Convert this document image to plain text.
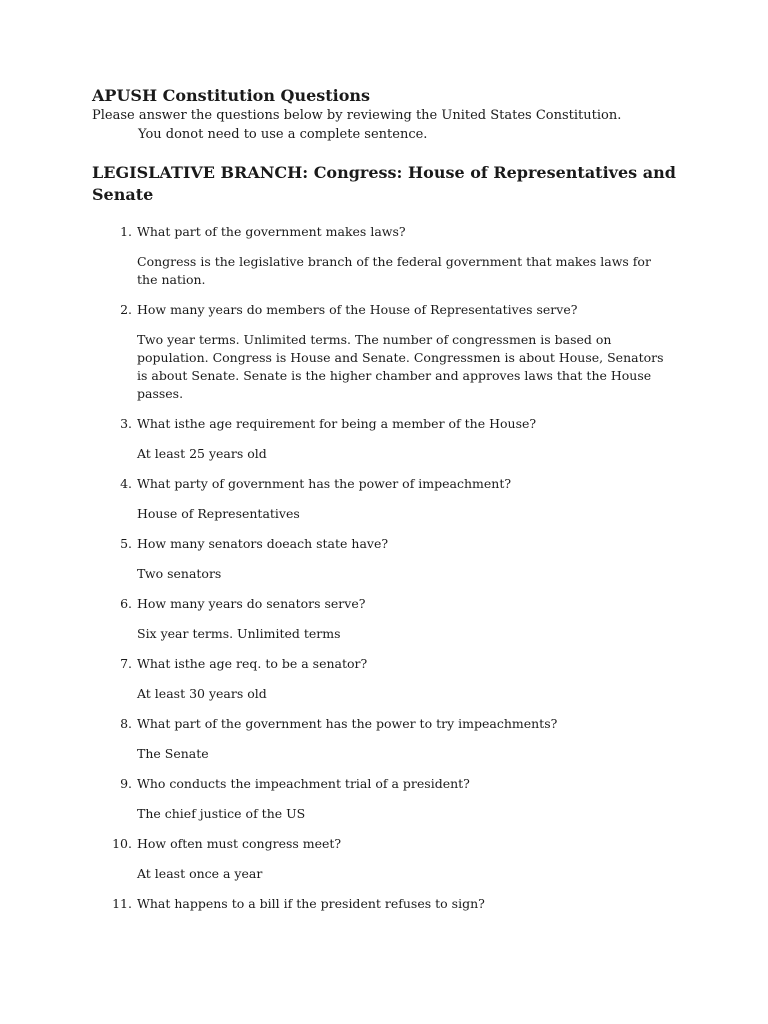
APUSH Constitution Questions

Please answer the questions below by reviewing the United States Constitution.

You donot need to use a complete sentence.

LEGISLATIVE BRANCH: Congress: House of Representatives and
Senate
1. What part of the government makes laws?

Congress is the legislative branch of the federal government that makes laws for the nation.

2. How many years do members of the House of Representatives serve?

Two year terms. Unlimited terms. The number of congressmen is based on population. Congress is House and Senate. Congressmen is about House, Senators is about Senate. Senate is the higher chamber and approves laws that the House passes.

3. What isthe age requirement for being a member of the House?

At least 25 years old

4. What party of government has the power of impeachment?

House of Representatives

5. How many senators doeach state have?

Two senators

6. How many years do senators serve?

Six year terms. Unlimited terms

7. What isthe age req. to be a senator?

At least 30 years old

8. What part of the government has the power to try impeachments?

The Senate

9. Who conducts the impeachment trial of a president?

The chief justice of the US

10. How often must congress meet?

At least once a year

11. What happens to a bill if the president refuses to sign?
